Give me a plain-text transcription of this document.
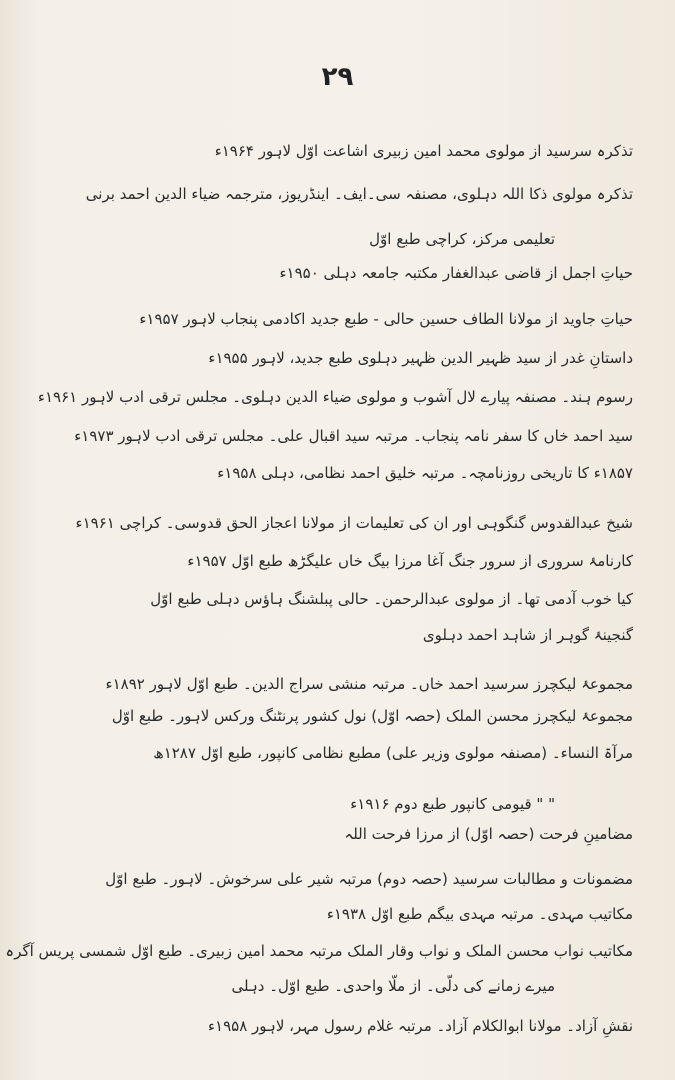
۲۹
تذکرہ سرسید از مولوی محمد امین زبیری اشاعت اوّل لاہور ۱۹۶۴ء
تذکرہ مولوی ذکا اللہ دہلوی، مصنفہ سی۔ایف۔ اینڈریوز، مترجمہ ضیاء الدین احمد برنی
تعلیمی مرکز، کراچی طبع اوّل
حیاتِ اجمل از قاضی عبدالغفار مکتبہ جامعہ دہلی ۱۹۵۰ء
حیاتِ جاوید از مولانا الطاف حسین حالی - طبع جدید اکادمی پنجاب لاہور ۱۹۵۷ء
داستانِ غدر از سید ظہیر الدین ظہیر دہلوی طبع جدید، لاہور ۱۹۵۵ء
رسوم ہند۔ مصنفہ پیارے لال آشوب و مولوی ضیاء الدین دہلوی۔ مجلس ترقی ادب لاہور ۱۹۶۱ء
سید احمد خاں کا سفر نامہ پنجاب۔ مرتبہ سید اقبال علی۔ مجلس ترقی ادب لاہور ۱۹۷۳ء
۱۸۵۷ء کا تاریخی روزنامچہ۔ مرتبہ خلیق احمد نظامی، دہلی ۱۹۵۸ء
شیخ عبدالقدوس گنگوہی اور ان کی تعلیمات از مولانا اعجاز الحق قدوسی۔ کراچی ۱۹۶۱ء
کارنامۂ سروری از سرور جنگ آغا مرزا بیگ خاں علیگڑھ طبع اوّل ۱۹۵۷ء
کیا خوب آدمی تھا۔ از مولوی عبدالرحمن۔ حالی پبلشنگ ہاؤس دہلی طبع اوّل
گنجینۂ گوہر از شاہد احمد دہلوی
مجموعۂ لیکچرز سرسید احمد خاں۔ مرتبہ منشی سراج الدین۔ طبع اوّل لاہور ۱۸۹۲ء
مجموعۂ لیکچرز محسن الملک (حصہ اوّل) نول کشور پرنٹنگ ورکس لاہور۔ طبع اوّل
مرآۃ النساء۔ (مصنفہ مولوی وزیر علی) مطبع نظامی کانپور، طبع اوّل ۱۲۸۷ھ
" " قیومی کانپور طبع دوم ۱۹۱۶ء
مضامینِ فرحت (حصہ اوّل) از مرزا فرحت اللہ
مضمونات و مطالبات سرسید (حصہ دوم) مرتبہ شیر علی سرخوش۔ لاہور۔ طبع اوّل
مکاتیب مہدی۔ مرتبہ مہدی بیگم طبع اوّل ۱۹۳۸ء
مکاتیب نواب محسن الملک و نواب وقار الملک مرتبہ محمد امین زبیری۔ طبع اوّل شمسی پریس آگرہ
میرے زمانے کی دلّی۔ از ملّا واحدی۔ طبع اوّل۔ دہلی
نقشِ آزاد۔ مولانا ابوالکلام آزاد۔ مرتبہ غلام رسول مہر، لاہور ۱۹۵۸ء
